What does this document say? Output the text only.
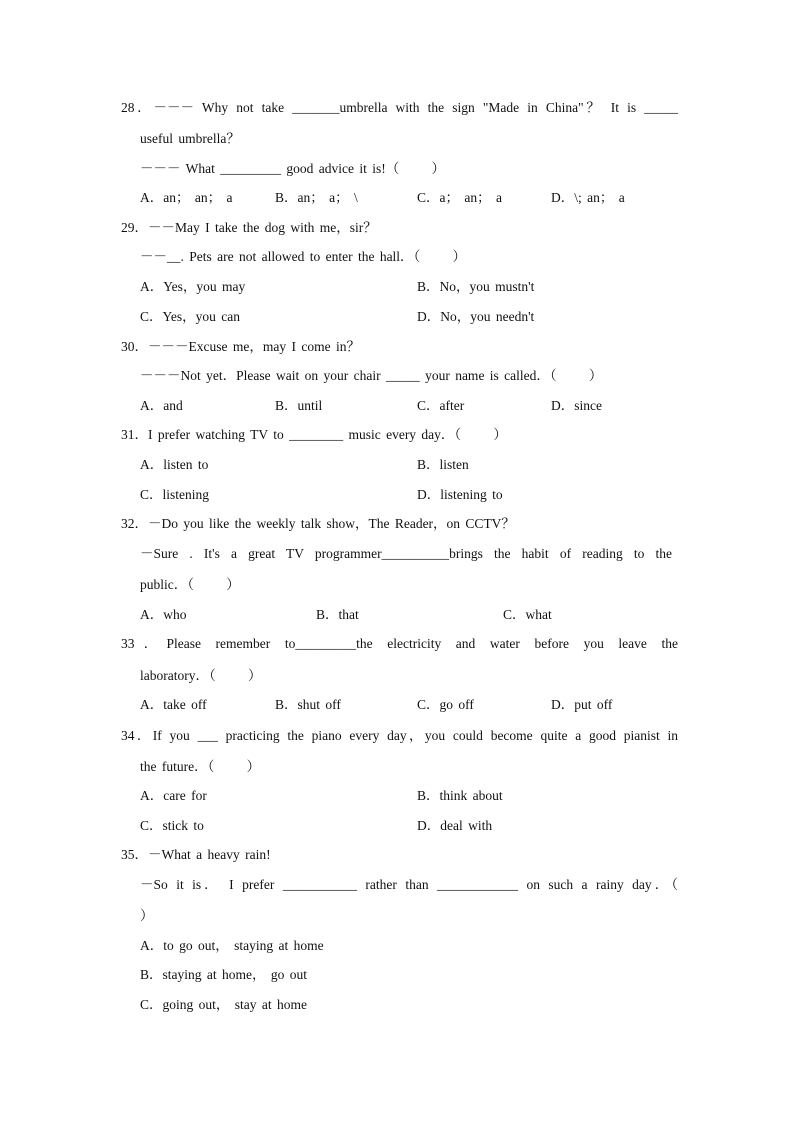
28．－－－ Why not take _______umbrella with the sign "Made in China"？ It is _____
useful umbrella？
－－－ What _________ good advice it is!（      ）
A．an； an； a	B．an； a； \	C．a； an； a	D．\; an； a
29．－－May I take the dog with me，sir？
－－__. Pets are not allowed to enter the hall．（      ）
A．Yes，you may	B．No，you mustn't
C．Yes，you can	D．No，you needn't
30．－－－Excuse me，may I come in？
－－－Not yet．Please wait on your chair _____ your name is called．（      ）
A．and	B．until	C．after	D．since
31．I prefer watching TV to ________ music every day．（      ）
A．listen to	B．listen
C．listening	D．listening to
32．－Do you like the weekly talk show，The Reader，on CCTV？
－Sure . It's a great TV programmer__________brings the habit of reading to the
public．（      ）
A．who	B．that	C．what
33．Please remember to_________the electricity and water before you leave the
laboratory．（      ）
A．take off	B．shut off	C．go off	D．put off
34．If you ___ practicing the piano every day，you could become quite a good pianist in
the future．（      ）
A．care for	B．think about
C．stick to	D．deal with
35．－What a heavy rain!
－So it is． I prefer ___________ rather than ____________ on such a rainy day．（
）
A．to go out， staying at home
B．staying at home， go out
C．going out， stay at home
